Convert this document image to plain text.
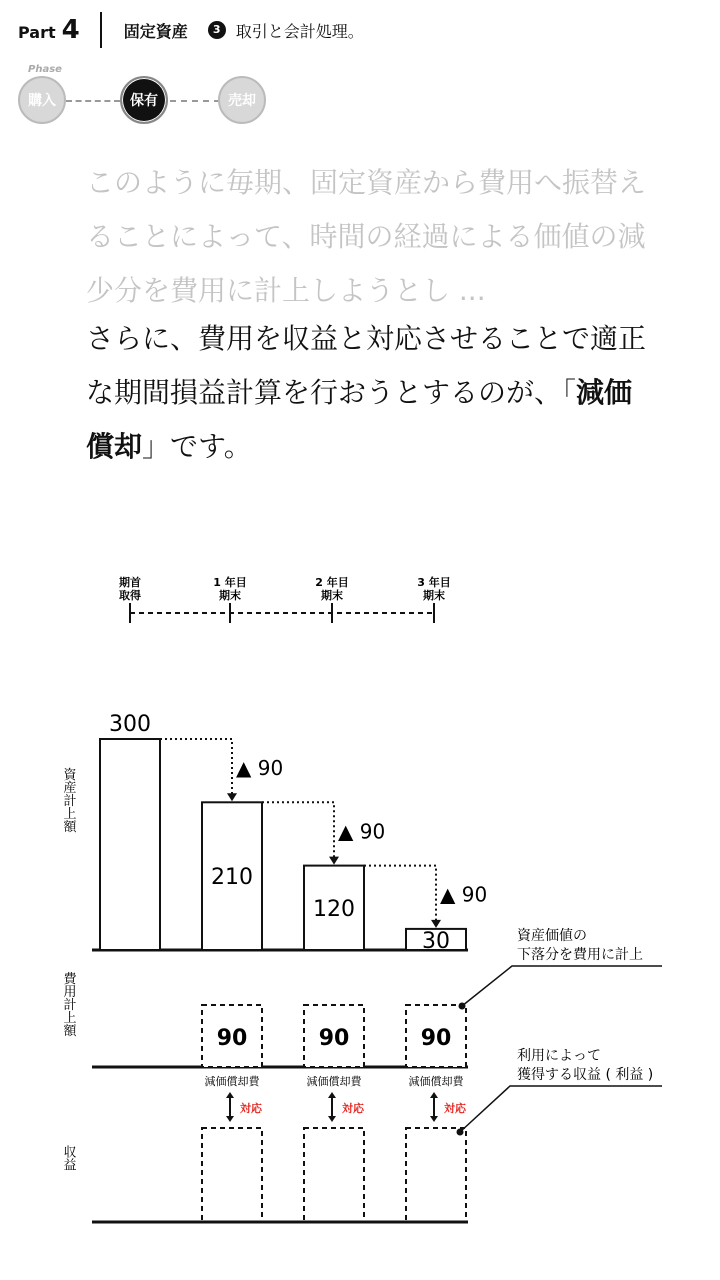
Part 4	固定資産	3 取引と会計処理。
Phase
購入	保有	売却
このように毎期、固定資産から費用へ振替えることによって、時間の経過による価値の減少分を費用に計上しようとし ...
さらに、費用を収益と対応させることで適正な期間損益計算を行おうとするのが、「減価償却」です。
期首
取得
1 年目
期末
2 年目
期末
3 年目
期末
資産計上額
費用計上額
収益
300
210
120
30
▲ 90
▲ 90
▲ 90
90
減価償却費
対応
90
減価償却費
対応
90
減価償却費
対応
資産価値の
下落分を費用に計上
利用によって
獲得する収益 ( 利益 )
